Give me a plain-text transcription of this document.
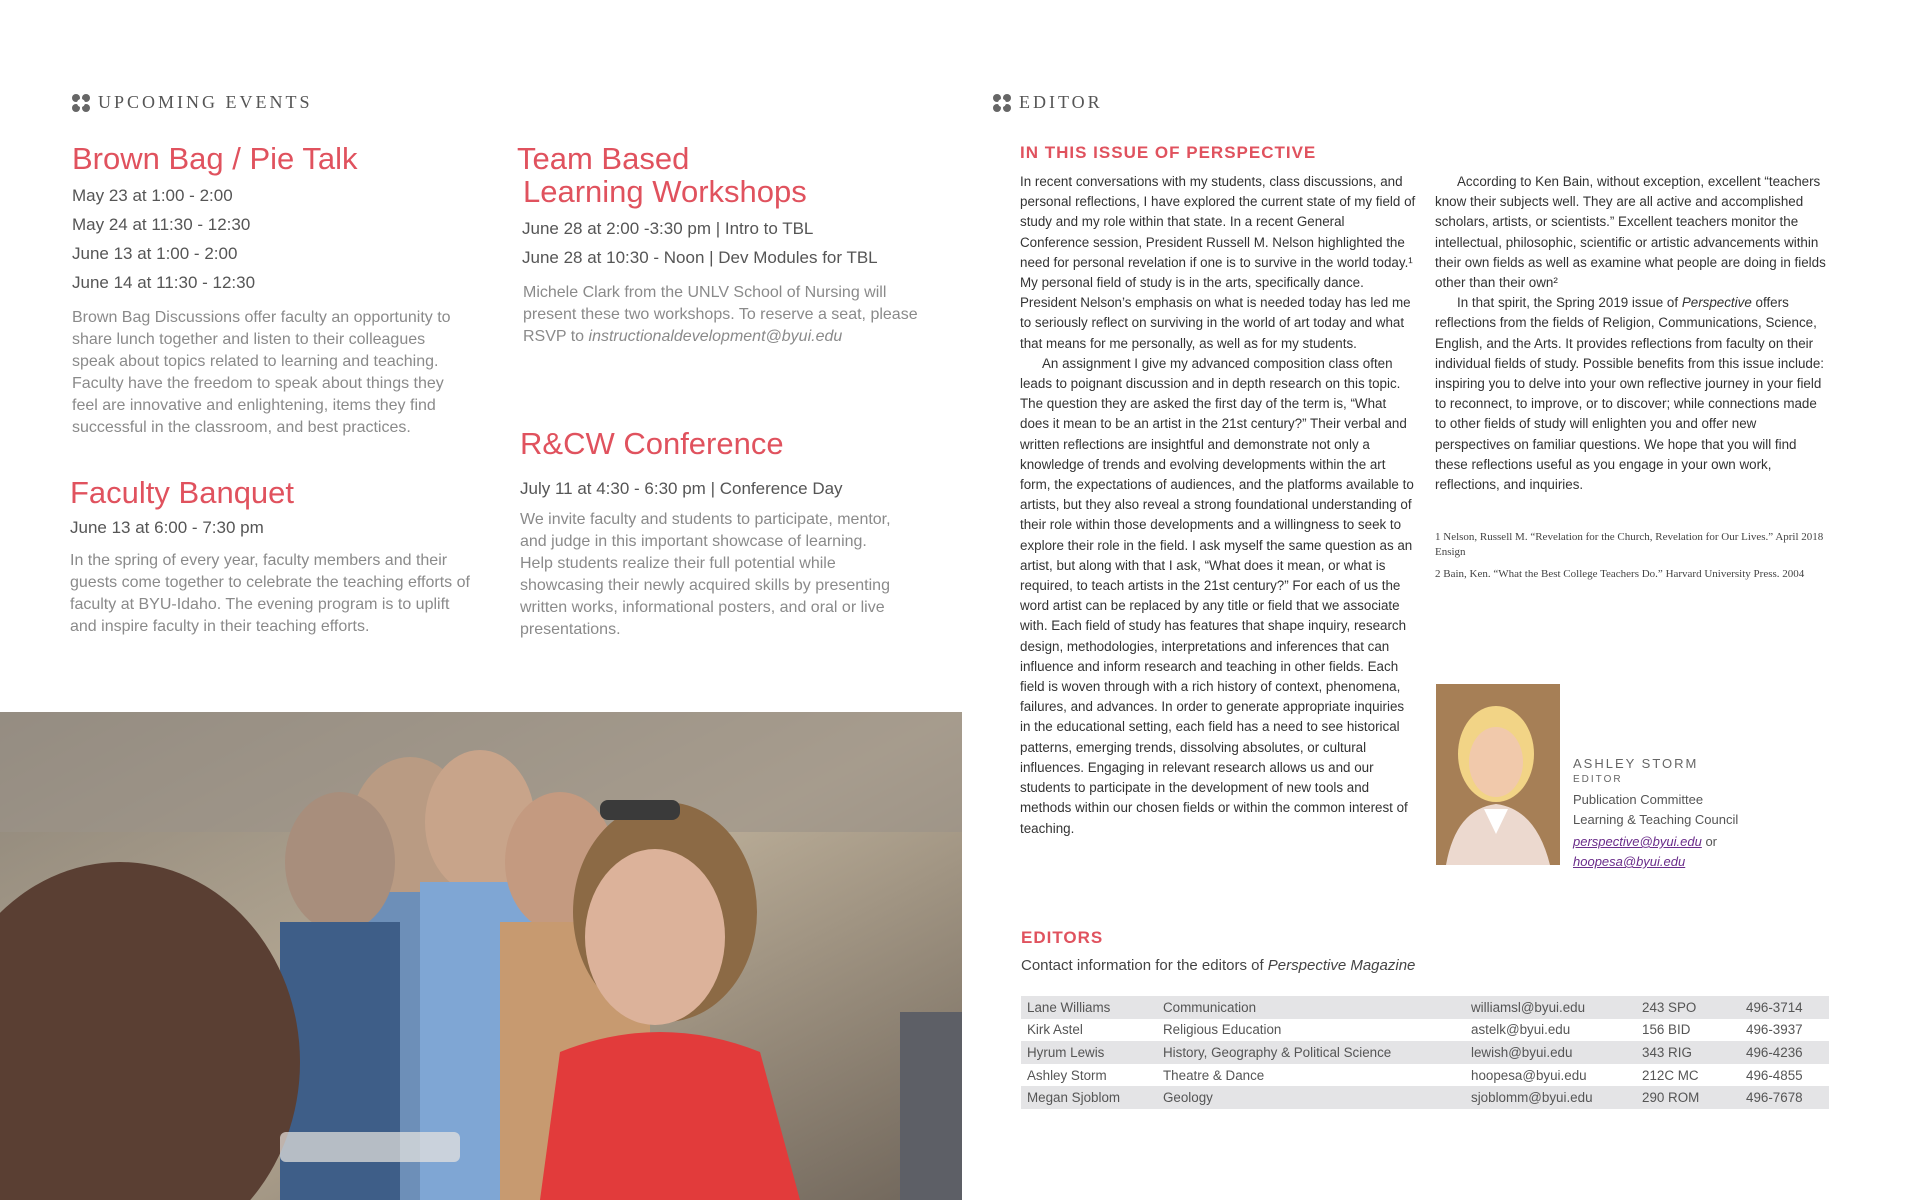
UPCOMING EVENTS
Brown Bag / Pie Talk
May 23 at 1:00 - 2:00
May 24 at 11:30 - 12:30
June 13 at 1:00 - 2:00
June 14 at 11:30 - 12:30
Brown Bag Discussions offer faculty an opportunity to share lunch together and listen to their colleagues speak about topics related to learning and teaching. Faculty have the freedom to speak about things they feel are innovative and enlightening, items they find successful in the classroom, and best practices.
Team Based
Learning Workshops
June 28 at 2:00 -3:30 pm | Intro to TBL
June 28 at 10:30 - Noon | Dev Modules for TBL
Michele Clark from the UNLV School of Nursing will present these two workshops. To reserve a seat, please RSVP to instructionaldevelopment@byui.edu
Faculty Banquet
June 13 at 6:00 - 7:30 pm
In the spring of every year, faculty members and their guests come together to celebrate the teaching efforts of faculty at BYU-Idaho. The evening program is to uplift and inspire faculty in their teaching efforts.
R&CW Conference
July 11 at 4:30 - 6:30 pm | Conference Day
We invite faculty and students to participate, mentor, and judge in this important showcase of learning. Help students realize their full potential while showcasing their newly acquired skills by presenting written works, informational posters, and oral or live presentations.
EDITOR
IN THIS ISSUE OF PERSPECTIVE

In recent conversations with my students, class discussions, and personal reflections, I have explored the current state of my field of study and my role within that state. In a recent General Conference session, President Russell M. Nelson highlighted the need for personal revelation if one is to survive in the world today.¹ My personal field of study is in the arts, specifically dance. President Nelson’s emphasis on what is needed today has led me to seriously reflect on surviving in the world of art today and what that means for me personally, as well as for my students.

An assignment I give my advanced composition class often leads to poignant discussion and in depth research on this topic. The question they are asked the first day of the term is, “What does it mean to be an artist in the 21st century?” Their verbal and written reflections are insightful and demonstrate not only a knowledge of trends and evolving developments within the art form, the expectations of audiences, and the platforms available to artists, but they also reveal a strong foundational understanding of their role within those developments and a willingness to seek to explore their role in the field. I ask myself the same question as an artist, but along with that I ask, “What does it mean, or what is required, to teach artists in the 21st century?” For each of us the word artist can be replaced by any title or field that we associate with. Each field of study has features that shape inquiry, research design, methodologies, interpretations and inferences that can influence and inform research and teaching in other fields. Each field is woven through with a rich history of context, phenomena, failures, and advances. In order to generate appropriate inquiries in the educational setting, each field has a need to see historical patterns, emerging trends, dissolving absolutes, or cultural influences. Engaging in relevant research allows us and our students to participate in the development of new tools and methods within our chosen fields or within the common interest of teaching.

According to Ken Bain, without exception, excellent “teachers know their subjects well. They are all active and accomplished scholars, artists, or scientists.” Excellent teachers monitor the intellectual, philosophic, scientific or artistic advancements within their own fields as well as examine what people are doing in fields other than their own²

In that spirit, the Spring 2019 issue of Perspective offers reflections from the fields of Religion, Communications, Science, English, and the Arts. It provides reflections from faculty on their individual fields of study. Possible benefits from this issue include: inspiring you to delve into your own reflective journey in your field to reconnect, to improve, or to discover; while connections made to other fields of study will enlighten you and offer new perspectives on familiar questions. We hope that you will find these reflections useful as you engage in your own work, reflections, and inquiries.

1 Nelson, Russell M. “Revelation for the Church, Revelation for Our Lives.” April 2018 Ensign
2 Bain, Ken. “What the Best College Teachers Do.” Harvard University Press. 2004
ASHLEY STORM
EDITOR
Publication Committee
Learning & Teaching Council
perspective@byui.edu or
hoopesa@byui.edu
EDITORS
Contact information for the editors of Perspective Magazine
Lane Williams	Communication	williamsl@byui.edu	243 SPO	496-3714
Kirk Astel	Religious Education	astelk@byui.edu	156 BID	496-3937
Hyrum Lewis	History, Geography & Political Science	lewish@byui.edu	343 RIG	496-4236
Ashley Storm	Theatre & Dance	hoopesa@byui.edu	212C MC	496-4855
Megan Sjoblom	Geology	sjoblomm@byui.edu	290 ROM	496-7678
